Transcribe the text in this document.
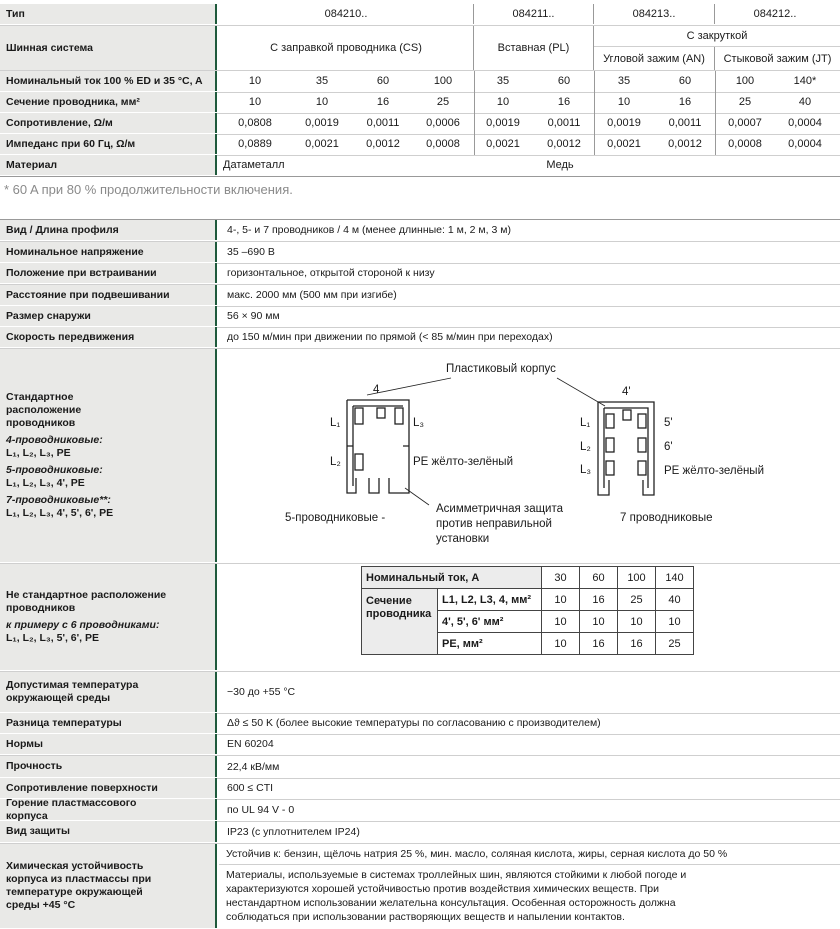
Тип	084210..	084211..	084213..	084212..
Шинная система	С заправкой проводника (CS)	Вставная (PL)
С закруткой
Угловой зажим (AN)	Стыковой зажим (JT)
Номинальный ток 100 % ED и 35 °C, A	10	35	60	100	35	60	35	60	100	140*
Сечение проводника, мм²	10	10	16	25	10	16	10	16	25	40
Сопротивление, Ω/м	0,0808	0,0019	0,0011	0,0006	0,0019	0,0011	0,0019	0,0011	0,0007	0,0004
Импеданс при 60 Гц, Ω/м	0,0889	0,0021	0,0012	0,0008	0,0021	0,0012	0,0021	0,0012	0,0008	0,0004
Материал	Датаметалл	Медь
* 60 A при 80 % продолжительности включения.
Вид / Длина профиля	4-, 5- и 7 проводников / 4 м (менее длинные: 1 м, 2 м, 3 м)
Номинальное напряжение	35 –690 В
Положение при встраивании	горизонтальное, открытой стороной к низу
Расстояние при подвешивании	макс. 2000 мм (500 мм при изгибе)
Размер снаружи	56 × 90 мм
Скорость передвижения	до 150 м/мин при движении по прямой (< 85 м/мин при переходах)
Стандартное расположение проводников
4-проводниковые:
L₁, L₂, L₃, PE
5-проводниковые:
L₁, L₂, L₃, 4', PE
7-проводниковые**:
L₁, L₂, L₃, 4', 5', 6', PE
Пластиковый корпус
4	4'
L₁	L₃
L₂	PE жёлто-зелёный
L₁
L₂
L₃
5'
6'
PE жёлто-зелёный
Асимметричная защита против неправильной установки
5-проводниковые -	7 проводниковые
Не стандартное расположение проводников
к примеру с 6 проводниками:
L₁, L₂, L₃, 5', 6', PE
Номинальный ток, A		30	60	100	140
Сечение проводника	L1, L2, L3, 4, мм²	10	16	25	40
	4', 5', 6' мм²	10	10	10	10
	PE, мм²	10	16	16	25
Допустимая температура окружающей среды	−30 до +55 °C
Разница температуры	Δϑ ≤ 50 K (более высокие температуры по согласованию с производителем)
Нормы	EN 60204
Прочность	22,4 кВ/мм
Сопротивление поверхности	600 ≤ CTI
Горение пластмассового корпуса	по UL 94 V - 0
Вид защиты	IP23 (с уплотнителем IP24)
Химическая устойчивость корпуса из пластмассы при температуре окружающей среды +45 °C
Устойчив к: бензин, щёлочь натрия 25 %, мин. масло, соляная кислота, жиры, серная кислота до 50 %
Материалы, используемые в системах троллейных шин, являются стойкими к любой погоде и характеризуются хорошей устойчивостью против воздействия химических веществ. При нестандартном использовании желательна консультация. Особенная осторожность должна соблюдаться при использовании растворяющих веществ и напылении контактов.
